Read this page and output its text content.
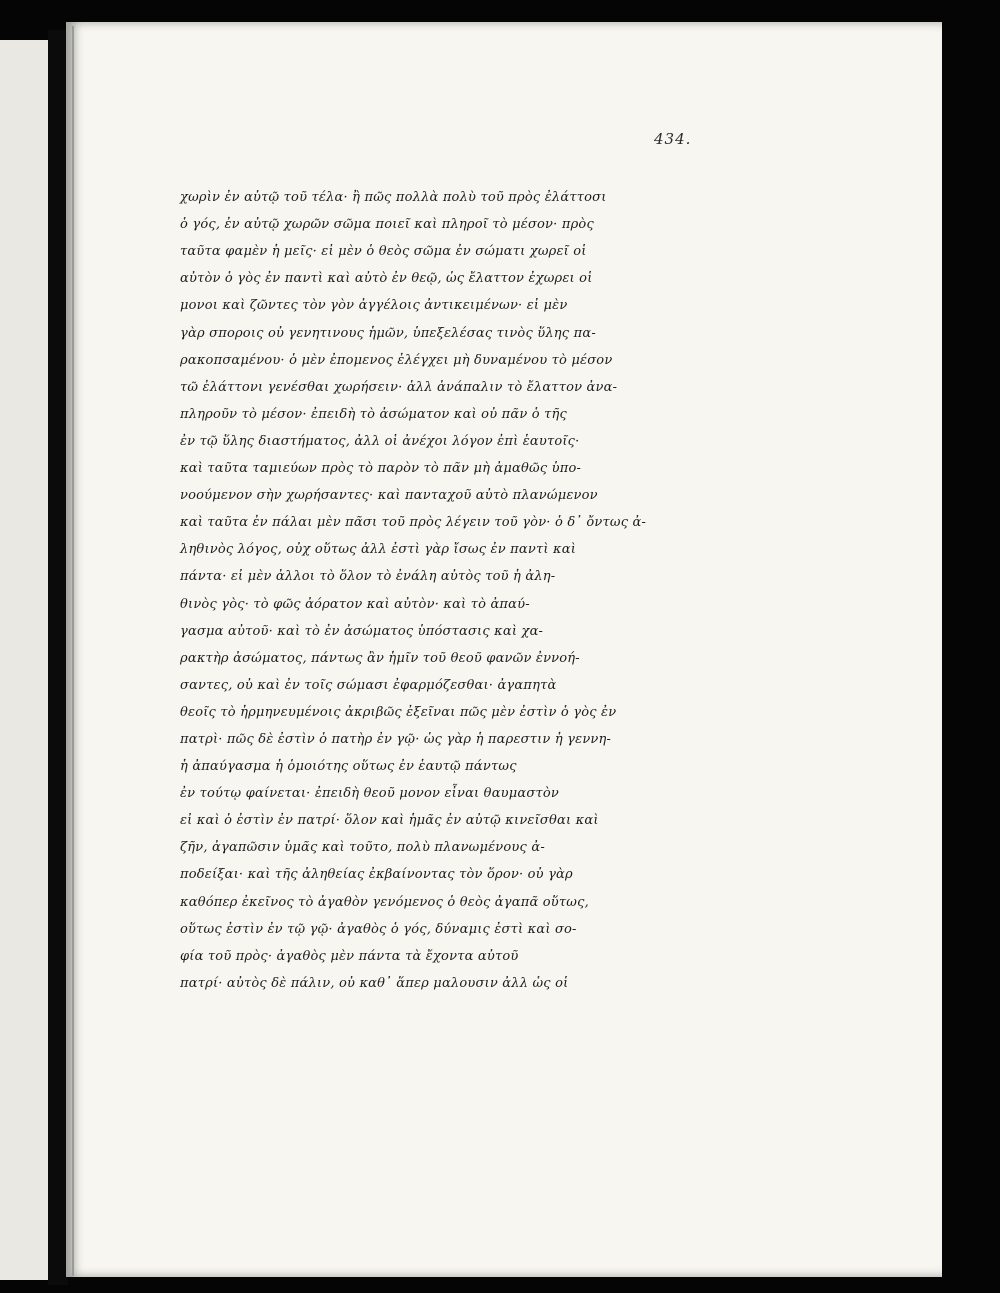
434.
χωρὶν ἐν αὐτῷ τοῦ τέλα· ἢ πῶς πολλὰ πολὺ τοῦ πρὸς ἐλάττοσι
ὁ γός, ἐν αὐτῷ χωρῶν σῶμα ποιεῖ καὶ πληροῖ τὸ μέσον· πρὸς
ταῦτα φαμὲν ἡ μεῖς· εἰ μὲν ὁ θεὸς σῶμα ἐν σώματι χωρεῖ οἱ
αὐτὸν ὁ γὸς ἐν παντὶ καὶ αὐτὸ ἐν θεῷ, ὡς ἔλαττον ἐχωρει οἱ
μονοι καὶ ζῶντες τὸν γὸν ἀγγέλοις ἀντικειμένων· εἰ μὲν
γὰρ σποροις οὐ γενητινους ἡμῶν, ὑπεξελέσας τινὸς ὕλης πα-
ρακοπσαμένου· ὁ μὲν ἐπομενος ἐλέγχει μὴ δυναμένου τὸ μέσον
τῶ ἐλάττονι γενέσθαι χωρήσειν· ἀλλ ἀνάπαλιν τὸ ἔλαττον ἀνα-
πληροῦν τὸ μέσον· ἐπειδὴ τὸ ἀσώματον καὶ οὐ πᾶν ὁ τῆς
ἐν τῷ ὕλης διαστήματος, ἀλλ οἱ ἀνέχοι λόγον ἐπὶ ἑαυτοῖς·
καὶ ταῦτα ταμιεύων πρὸς τὸ παρὸν τὸ πᾶν μὴ ἀμαθῶς ὑπο-
νοούμενον σὴν χωρήσαντες· καὶ πανταχοῦ αὐτὸ πλανώμενον
καὶ ταῦτα ἐν πάλαι μὲν πᾶσι τοῦ πρὸς λέγειν τοῦ γὸν· ὁ δ᾽ ὄντως ἀ-
ληθινὸς λόγος, οὐχ οὕτως ἀλλ ἐστὶ γὰρ ἴσως ἐν παντὶ καὶ
πάντα· εἰ μὲν ἀλλοι τὸ ὅλον τὸ ἐνάλη αὐτὸς τοῦ ἡ ἀλη-
θινὸς γὸς· τὸ φῶς ἀόρατον καὶ αὐτὸν· καὶ τὸ ἀπαύ-
γασμα αὐτοῦ· καὶ τὸ ἐν ἀσώματος ὑπόστασις καὶ χα-
ρακτὴρ ἀσώματος, πάντως ἂν ἡμῖν τοῦ θεοῦ φανῶν ἐννοή-
σαντες, οὐ καὶ ἐν τοῖς σώμασι ἐφαρμόζεσθαι· ἀγαπητὰ
θεοῖς τὸ ἡρμηνευμένοις ἀκριβῶς ἐξεῖναι πῶς μὲν ἐστὶν ὁ γὸς ἐν
πατρὶ· πῶς δὲ ἐστὶν ὁ πατὴρ ἐν γῷ· ὡς γὰρ ἡ παρεστιν ἡ γεννη-
ἡ ἀπαύγασμα ἡ ὁμοιότης οὕτως ἐν ἑαυτῷ πάντως
ἐν τούτῳ φαίνεται· ἐπειδὴ θεοῦ μονον εἶναι θαυμαστὸν
εἰ καὶ ὁ ἐστὶν ἐν πατρί· ὅλον καὶ ἡμᾶς ἐν αὐτῷ κινεῖσθαι καὶ
ζῆν, ἀγαπῶσιν ὑμᾶς καὶ τοῦτο, πολὺ πλανωμένους ἀ-
ποδείξαι· καὶ τῆς ἀληθείας ἐκβαίνοντας τὸν ὅρον· οὐ γὰρ
καθόπερ ἐκεῖνος τὸ ἀγαθὸν γενόμενος ὁ θεὸς ἀγαπᾶ οὕτως,
οὕτως ἐστὶν ἐν τῷ γῷ· ἀγαθὸς ὁ γός, δύναμις ἐστὶ καὶ σο-
φία τοῦ πρὸς· ἀγαθὸς μὲν πάντα τὰ ἔχοντα αὐτοῦ
πατρί· αὐτὸς δὲ πάλιν, οὐ καθ᾽ ἅπερ μαλουσιν ἀλλ ὡς οἱ
